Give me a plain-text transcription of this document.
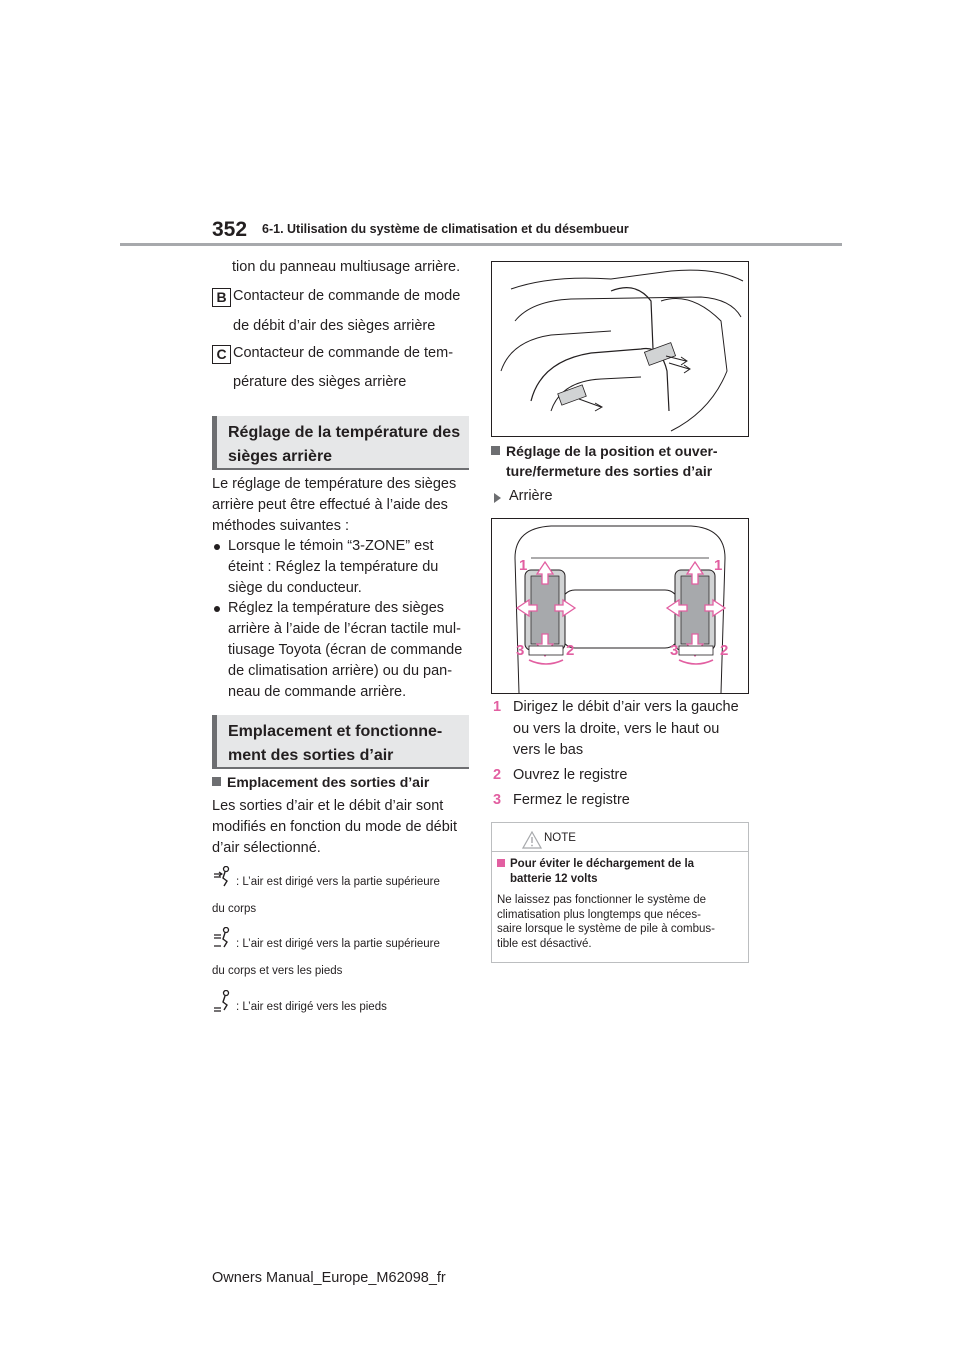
352 6-1. Utilisation du système de climatisation et du désembueur
tion du panneau multiusage arrière.
B Contacteur de commande de mode
de débit d’air des sièges arrière
C Contacteur de commande de tem-
pérature des sièges arrière
Réglage de la température des
sièges arrière
Le réglage de température des sièges
arrière peut être effectué à l’aide des
méthodes suivantes :
Lorsque le témoin “3-ZONE” est
éteint : Réglez la température du
siège du conducteur.
Réglez la température des sièges
arrière à l’aide de l’écran tactile mul-
tiusage Toyota (écran de commande
de climatisation arrière) ou du pan-
neau de commande arrière.
Emplacement et fonctionne-
ment des sorties d’air
Emplacement des sorties d’air
Les sorties d’air et le débit d’air sont
modifiés en fonction du mode de débit
d’air sélectionné.
: L’air est dirigé vers la partie supérieure
du corps
: L’air est dirigé vers la partie supérieure
du corps et vers les pieds
: L’air est dirigé vers les pieds
Réglage de la position et ouver-
ture/fermeture des sorties d’air
Arrière
1	1
3	2	3	2
1 Dirigez le débit d’air vers la gauche
ou vers la droite, vers le haut ou
vers le bas
2 Ouvrez le registre
3 Fermez le registre
NOTE
Pour éviter le déchargement de la
batterie 12 volts
Ne laissez pas fonctionner le système de
climatisation plus longtemps que néces-
saire lorsque le système de pile à combus-
tible est désactivé.
Owners Manual_Europe_M62098_fr
